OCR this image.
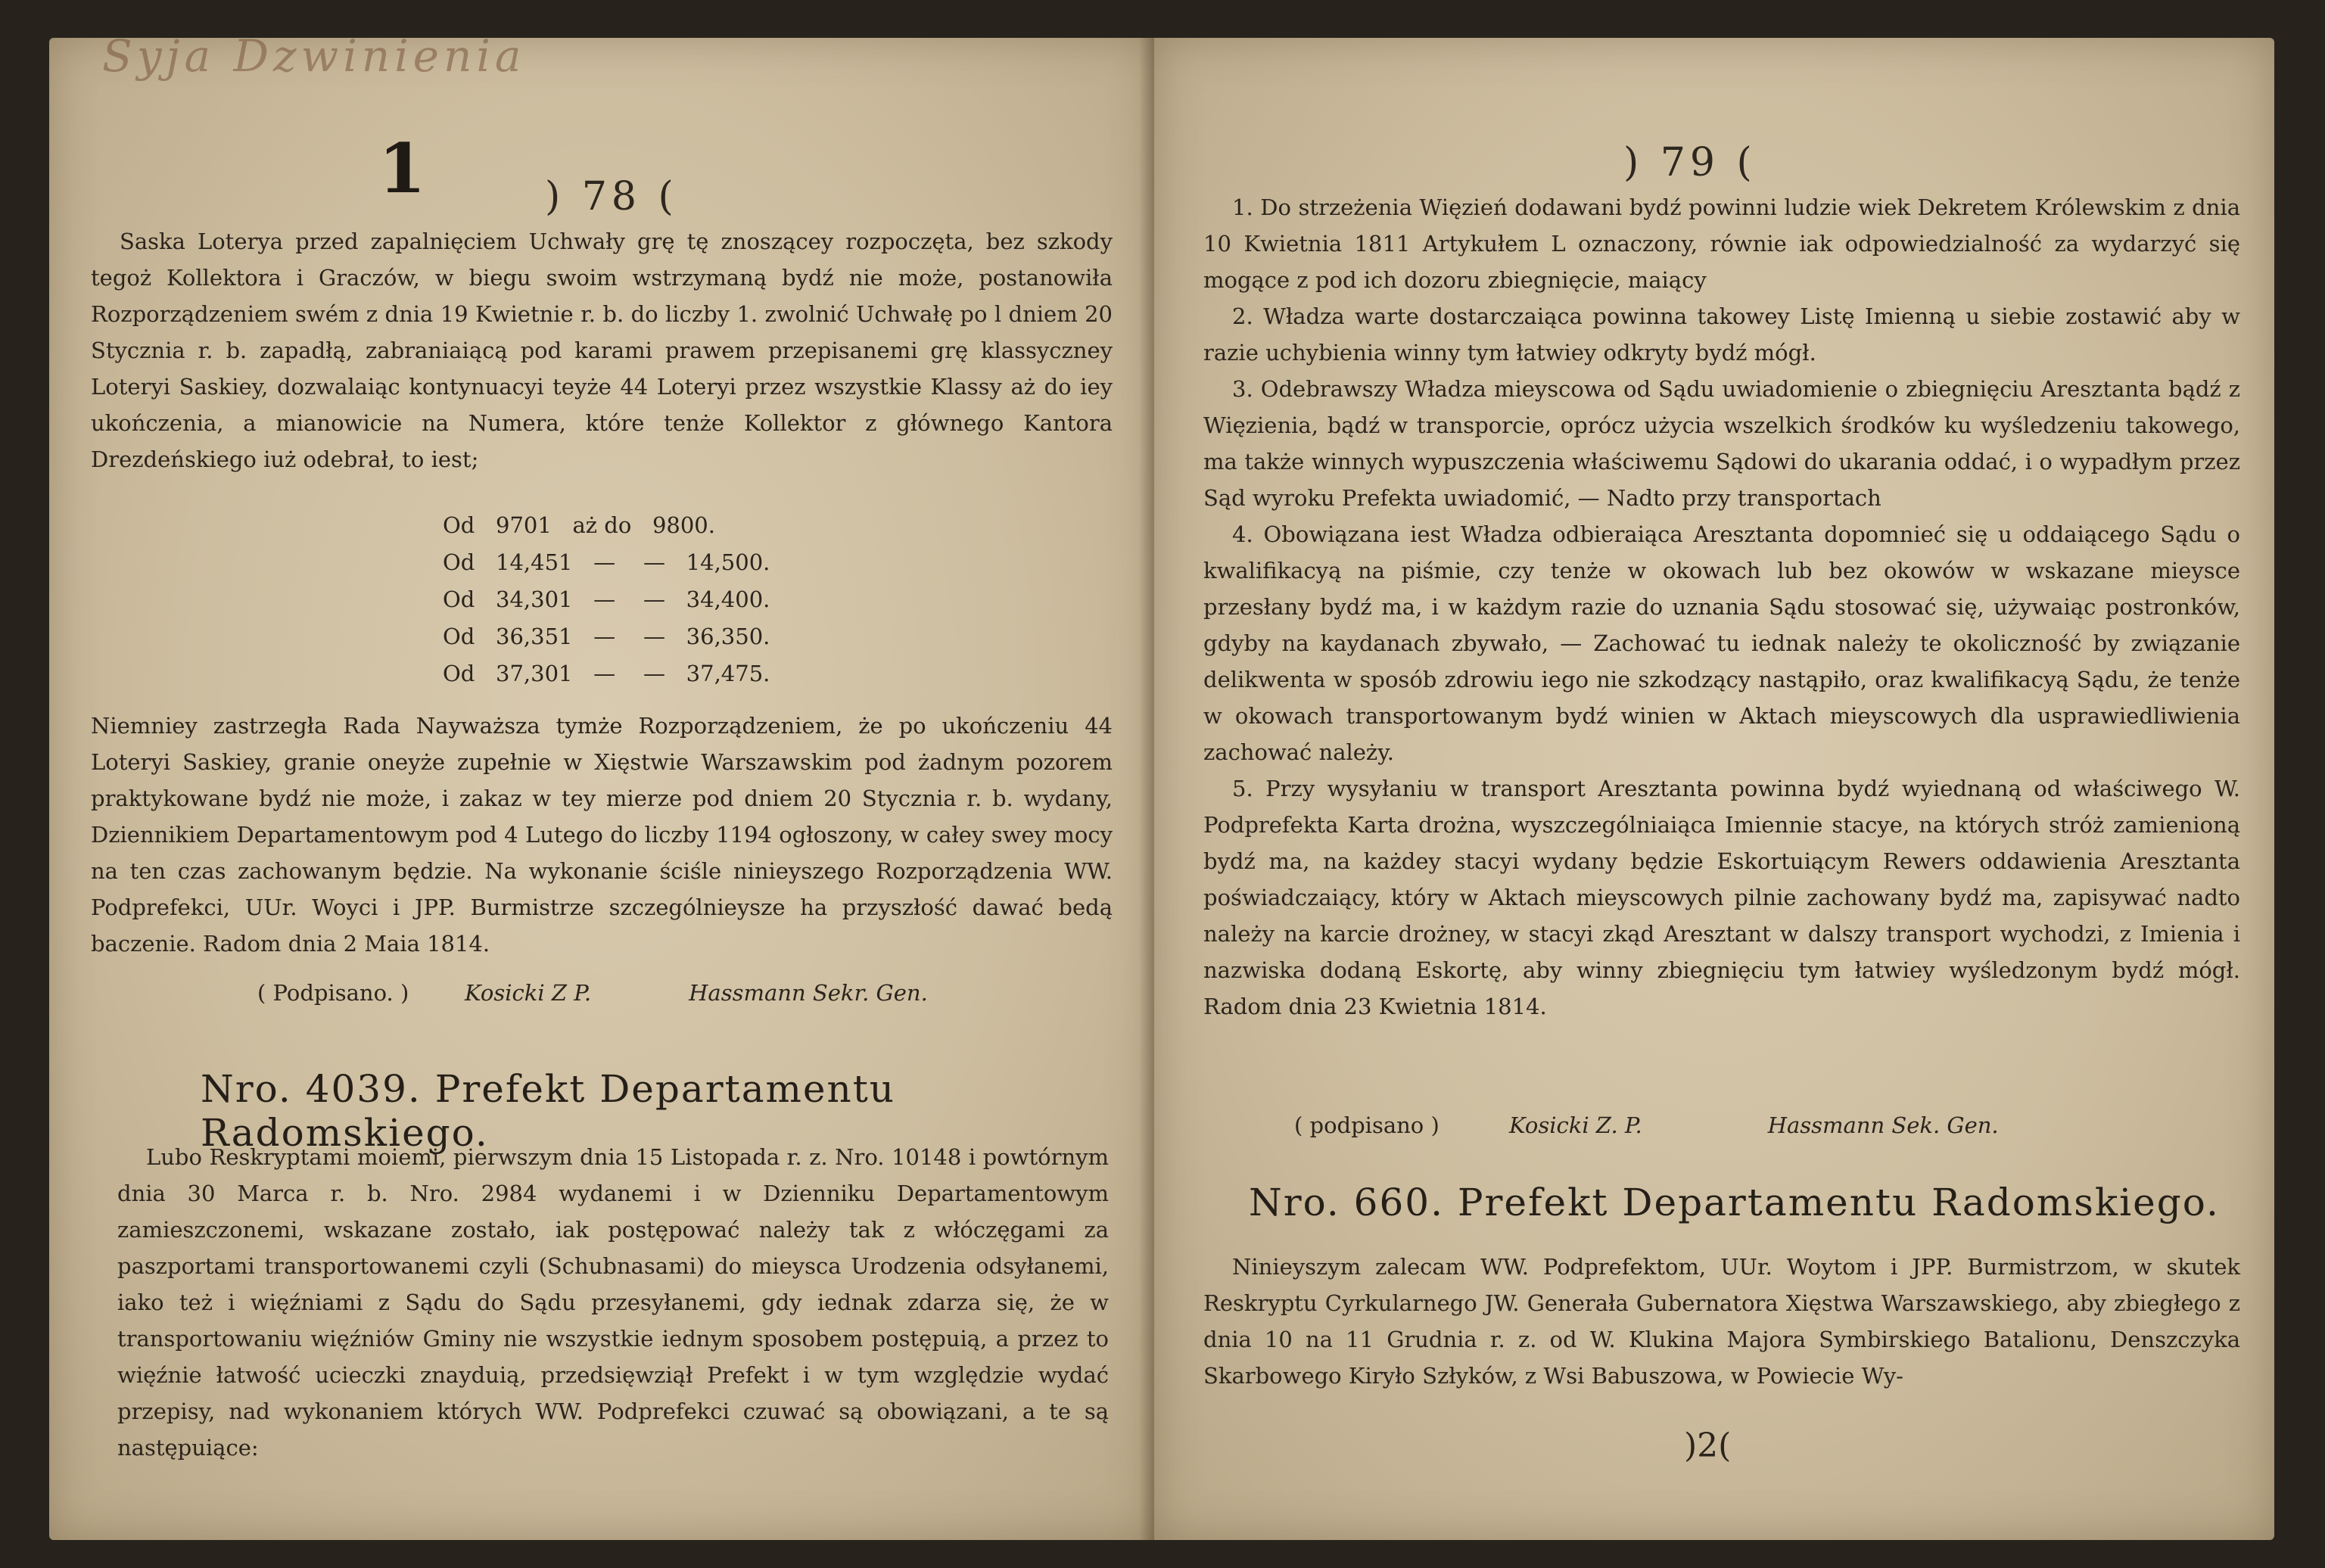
Syja Dzwinienia
1	) 78 (

Saska Loterya przed zapalnięciem Uchwały grę tę znoszącey rozpoczęta, bez szkody tegoż Kollektora i Graczów, w biegu swoim wstrzymaną bydź nie może, postanowiła Rozporządzeniem swém z dnia 19 Kwietnie r. b. do liczby 1. zwolnić Uchwałę po l dniem 20 Stycznia r. b. zapadłą, zabraniaiącą pod karami prawem przepisanemi grę klassyczney Loteryi Saskiey, dozwalaiąc kontynuacyi teyże 44 Loteryi przez wszystkie Klassy aż do iey ukończenia, a mianowicie na Numera, które tenże Kollektor z głównego Kantora Drezdeńskiego iuż odebrał, to iest;

Od 9701 aż do 9800.
Od 14,451 —    — 14,500.
Od 34,301 —    — 34,400.
Od 36,351 —    — 36,350.
Od 37,301 —    — 37,475.

Niemniey zastrzegła Rada Nayważsza tymże Rozporządzeniem, że po ukończeniu 44 Loteryi Saskiey, granie oneyże zupełnie w Xięstwie Warszawskim pod żadnym pozorem praktykowane bydź nie może, i zakaz w tey mierze pod dniem 20 Stycznia r. b. wydany, Dziennikiem Departamentowym pod 4 Lutego do liczby 1194 ogłoszony, w całey swey mocy na ten czas zachowanym będzie. Na wykonanie ściśle ninieyszego Rozporządzenia WW. Podprefekci, UUr. Woyci i JPP. Burmistrze szczególnieysze ha przyszłość dawać bedą baczenie. Radom dnia 2 Maia 1814.

( Podpisano. )	Kosicki Z P.	Hassmann Sekr. Gen.
Nro. 4039. Prefekt Departamentu Radomskiego.

Lubo Reskryptami moiemi, pierwszym dnia 15 Listopada r. z. Nro. 10148 i powtórnym dnia 30 Marca r. b. Nro. 2984 wydanemi i w Dzienniku Departamentowym zamieszczonemi, wskazane zostało, iak postępować należy tak z włóczęgami za paszportami transportowanemi czyli (Schubnasami) do mieysca Urodzenia odsyłanemi, iako też i więźniami z Sądu do Sądu przesyłanemi, gdy iednak zdarza się, że w transportowaniu więźniów Gminy nie wszystkie iednym sposobem postępuią, a przez to więźnie łatwość ucieczki znayduią, przedsięwziął Prefekt i w tym względzie wydać przepisy, nad wykonaniem których WW. Podprefekci czuwać są obowiązani, a te są następuiące:

) 79 (

1. Do strzeżenia Więzień dodawani bydź powinni ludzie wiek Dekretem Królewskim z dnia 10 Kwietnia 1811 Artykułem L oznaczony, równie iak odpowiedzialność za wydarzyć się mogące z pod ich dozoru zbiegnięcie, maiący

2. Władza warte dostarczaiąca powinna takowey Listę Imienną u siebie zostawić aby w razie uchybienia winny tym łatwiey odkryty bydź mógł.

3. Odebrawszy Władza mieyscowa od Sądu uwiadomienie o zbiegnięciu Aresztanta bądź z Więzienia, bądź w transporcie, oprócz użycia wszelkich środków ku wyśledzeniu takowego, ma także winnych wypuszczenia właściwemu Sądowi do ukarania oddać, i o wypadłym przez Sąd wyroku Prefekta uwiadomić, — Nadto przy transportach

4. Obowiązana iest Władza odbieraiąca Aresztanta dopomnieć się u oddaiącego Sądu o kwalifikacyą na piśmie, czy tenże w okowach lub bez okowów w wskazane mieysce przesłany bydź ma, i w każdym razie do uznania Sądu stosować się, używaiąc postronków, gdyby na kaydanach zbywało, — Zachować tu iednak należy te okoliczność by związanie delikwenta w sposób zdrowiu iego nie szkodzący nastąpiło, oraz kwalifikacyą Sądu, że tenże w okowach transportowanym bydź winien w Aktach mieyscowych dla usprawiedliwienia zachować należy.

5. Przy wysyłaniu w transport Aresztanta powinna bydź wyiednaną od właściwego W. Podprefekta Karta drożna, wyszczególniaiąca Imiennie stacye, na których stróż zamienioną bydź ma, na każdey stacyi wydany będzie Eskortuiącym Rewers oddawienia Aresztanta poświadczaiący, który w Aktach mieyscowych pilnie zachowany bydź ma, zapisywać nadto należy na karcie drożney, w stacyi zkąd Aresztant w dalszy transport wychodzi, z Imienia i nazwiska dodaną Eskortę, aby winny zbiegnięciu tym łatwiey wyśledzonym bydź mógł. Radom dnia 23 Kwietnia 1814.

( podpisano )	Kosicki Z. P.	Hassmann Sek. Gen.
Nro. 660. Prefekt Departamentu Radomskiego.

Ninieyszym zalecam WW. Podprefektom, UUr. Woytom i JPP. Burmistrzom, w skutek Reskryptu Cyrkularnego JW. Generała Gubernatora Xięstwa Warszawskiego, aby zbiegłego z dnia 10 na 11 Grudnia r. z. od W. Klukina Majora Symbirskiego Batalionu, Denszczyka Skarbowego Kiryło Szłyków, z Wsi Babuszowa, w Powiecie Wy-

)2(
